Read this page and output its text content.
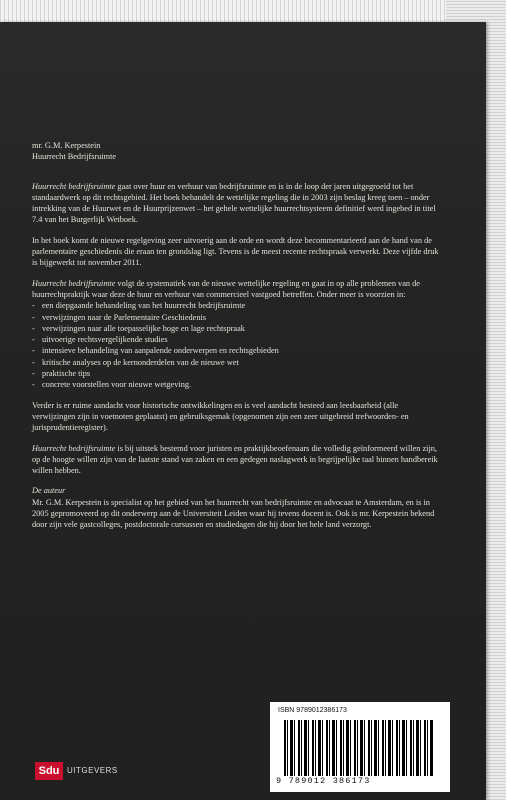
mr. G.M. Kerpestein
Huurrecht Bedrijfsruimte

Huurrecht bedrijfsruimte gaat over huur en verhuur van bedrijfsruimte en is in de loop der jaren uitgegroeid tot het standaardwerk op dit rechtsgebied. Het boek behandelt de wettelijke regeling die in 2003 zijn beslag kreeg toen – onder intrekking van de Huurwet en de Huurprijzenwet – het gehele wettelijke huurrechtsysteem definitief werd ingebed in titel 7.4 van het Burgerlijk Wetboek.

In het boek komt de nieuwe regelgeving zeer uitvoerig aan de orde en wordt deze becommentarieerd aan de hand van de parlementaire geschiedenis die eraan ten grondslag ligt. Tevens is de meest recente rechtspraak verwerkt. Deze vijfde druk is bijgewerkt tot november 2011.

Huurrecht bedrijfsruimte volgt de systematiek van de nieuwe wettelijke regeling en gaat in op alle problemen van de huurrechtpraktijk waar deze de huur en verhuur van commercieel vastgoed betreffen. Onder meer is voorzien in:

- een diepgaande behandeling van het huurrecht bedrijfsruimte
- verwijzingen naar de Parlementaire Geschiedenis
- verwijzingen naar alle toepasselijke hoge en lage rechtspraak
- uitvoerige rechtsvergelijkende studies
- intensieve behandeling van aanpalende onderwerpen en rechtsgebieden
- kritische analyses op de kernonderdelen van de nieuwe wet
- praktische tips
- concrete voorstellen voor nieuwe wetgeving.

Verder is er ruime aandacht voor historische ontwikkelingen en is veel aandacht besteed aan leesbaarheid (alle verwijzingen zijn in voetnoten geplaatst) en gebruiksgemak (opgenomen zijn een zeer uitgebreid trefwoorden- en jurisprudentieregister).

Huurrecht bedrijfsruimte is bij uitstek bestemd voor juristen en praktijkbeoefenaars die volledig geïnformeerd willen zijn, op de hoogte willen zijn van de laatste stand van zaken en een gedegen naslagwerk in begrijpelijke taal binnen handbereik willen hebben.

De auteur

Mr. G.M. Kerpestein is specialist op het gebied van het huurrecht van bedrijfsruimte en advocaat te Amsterdam, en is in 2005 gepromoveerd op dit onderwerp aan de Universiteit Leiden waar hij tevens docent is. Ook is mr. Kerpestein bekend door zijn vele gastcolleges, postdoctorale cursussen en studiedagen die hij door het hele land verzorgt.

ISBN 9789012386173
9 789012 386173
Sdu UITGEVERS
